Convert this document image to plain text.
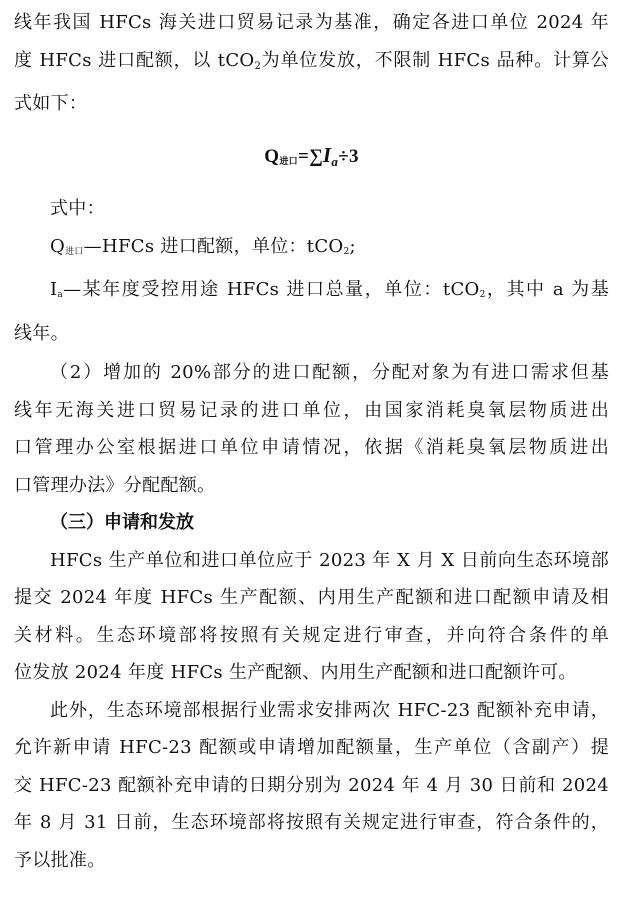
线年我国 HFCs 海关进口贸易记录为基准，确定各进口单位 2024 年

度 HFCs 进口配额，以 tCO$_2$为单位发放，不限制 HFCs 品种。计算公

式如下：

$Q_{进口}=\sum I_a\div 3$

式中：

$Q_{进口}—HFCs$ 进口配额，单位：tCO$_2$;

$I_a—$某年度受控用途 HFCs 进口总量，单位：tCO$_2$，其中 a 为基

线年。

（2）增加的 20%部分的进口配额，分配对象为有进口需求但基

线年无海关进口贸易记录的进口单位，由国家消耗臭氧层物质进出

口管理办公室根据进口单位申请情况，依据《消耗臭氧层物质进出

口管理办法》分配配额。

（三）申请和发放

HFCs 生产单位和进口单位应于 2023 年 X 月 X 日前向生态环境部

提交 2024 年度 HFCs 生产配额、内用生产配额和进口配额申请及相

关材料。生态环境部将按照有关规定进行审查，并向符合条件的单

位发放 2024 年度 HFCs 生产配额、内用生产配额和进口配额许可。

此外，生态环境部根据行业需求安排两次 HFC-23 配额补充申请，

允许新申请 HFC-23 配额或申请增加配额量，生产单位（含副产）提

交 HFC-23 配额补充申请的日期分别为 2024 年 4 月 30 日前和 2024

年 8 月 31 日前，生态环境部将按照有关规定进行审查，符合条件的，

予以批准。
